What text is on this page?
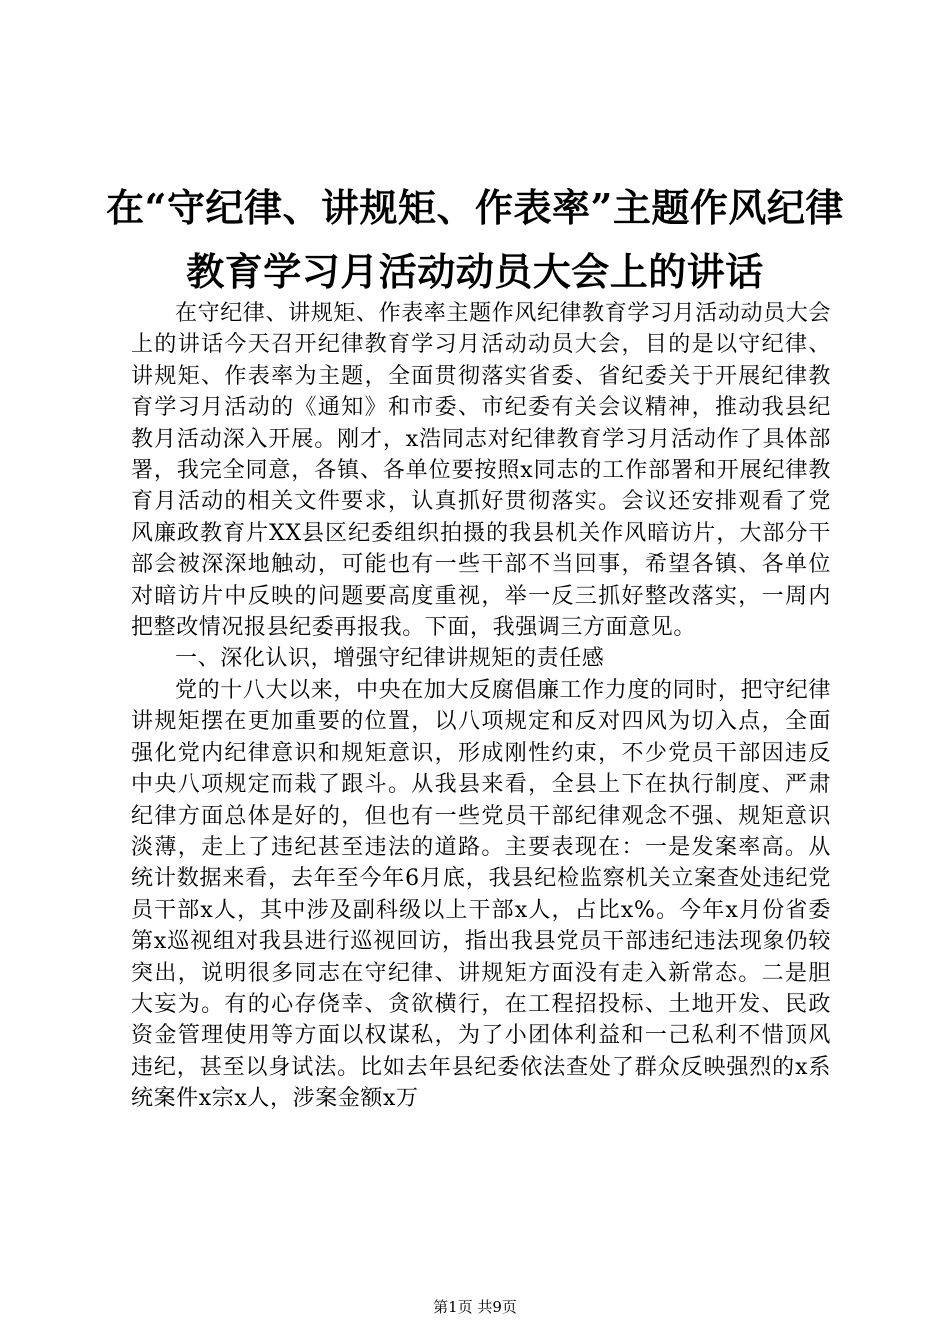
在“守纪律、讲规矩、作表率”主题作风纪律
教育学习月活动动员大会上的讲话

在守纪律、讲规矩、作表率主题作风纪律教育学习月活动动员大会上的讲话今天召开纪律教育学习月活动动员大会，目的是以守纪律、讲规矩、作表率为主题，全面贯彻落实省委、省纪委关于开展纪律教育学习月活动的《通知》和市委、市纪委有关会议精神，推动我县纪教月活动深入开展。刚才，x浩同志对纪律教育学习月活动作了具体部署，我完全同意，各镇、各单位要按照x同志的工作部署和开展纪律教育月活动的相关文件要求，认真抓好贯彻落实。会议还安排观看了党风廉政教育片XX县区纪委组织拍摄的我县机关作风暗访片，大部分干部会被深深地触动，可能也有一些干部不当回事，希望各镇、各单位对暗访片中反映的问题要高度重视，举一反三抓好整改落实，一周内把整改情况报县纪委再报我。下面，我强调三方面意见。

一、深化认识，增强守纪律讲规矩的责任感

党的十八大以来，中央在加大反腐倡廉工作力度的同时，把守纪律讲规矩摆在更加重要的位置，以八项规定和反对四风为切入点，全面强化党内纪律意识和规矩意识，形成刚性约束，不少党员干部因违反中央八项规定而栽了跟斗。从我县来看，全县上下在执行制度、严肃纪律方面总体是好的，但也有一些党员干部纪律观念不强、规矩意识淡薄，走上了违纪甚至违法的道路。主要表现在：一是发案率高。从统计数据来看，去年至今年6月底，我县纪检监察机关立案查处违纪党员干部x人，其中涉及副科级以上干部x人，占比x%。今年x月份省委第x巡视组对我县进行巡视回访，指出我县党员干部违纪违法现象仍较突出，说明很多同志在守纪律、讲规矩方面没有走入新常态。二是胆大妄为。有的心存侥幸、贪欲横行，在工程招投标、土地开发、民政资金管理使用等方面以权谋私，为了小团体利益和一己私利不惜顶风违纪，甚至以身试法。比如去年县纪委依法查处了群众反映强烈的x系统案件x宗x人，涉案金额x万

第1页 共9页
